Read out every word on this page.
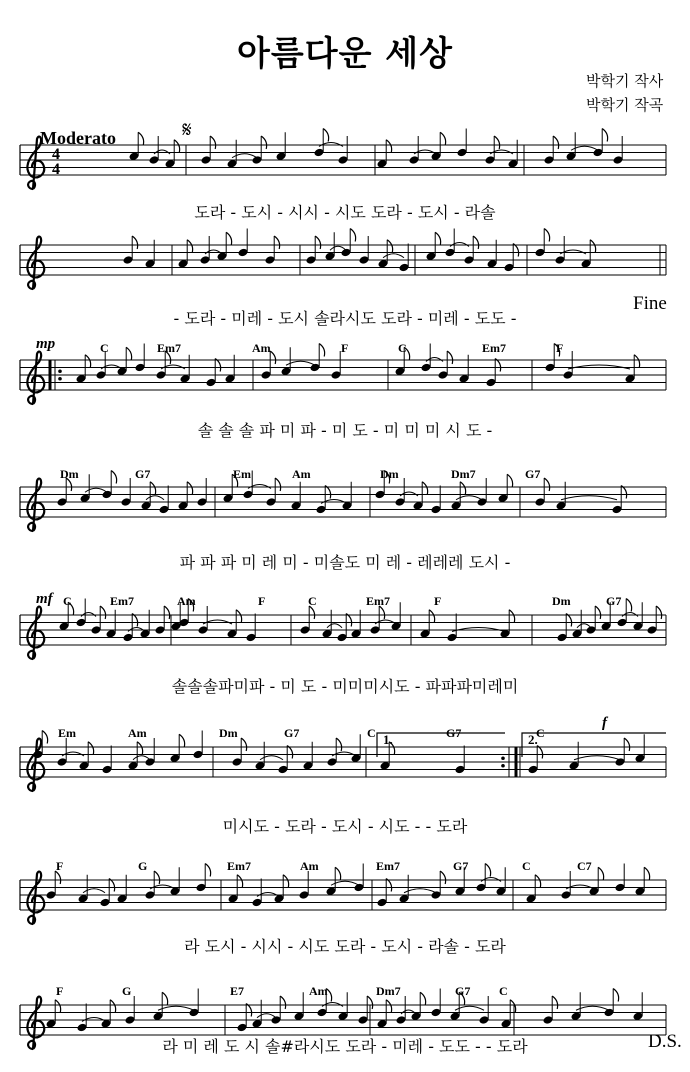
아름다운 세상
박학기 작사
박학기 작곡
Moderato
Fine
D.S.
4
4
𝄋
도라 - 도시 - 시시 - 시도 도라 - 도시 - 라솔
- 도라 - 미레 - 도시 솔라시도 도라 - 미레 - 도도 -
C	Em7	Am	F	C	Em7	F
mp
솔 솔 솔 파 미 파 - 미 도 - 미 미 미 시 도 -
Dm	G7	Em	Am	Dm	Dm7	G7
파 파 파 미 레 미 - 미솔도 미 레 - 레레레 도시 -
C	Em7	Am	F	C	Em7	F	Dm	G7
mf
솔솔솔파미파 - 미 도 - 미미미시도 - 파파파미레미
1.	2.
Em	Am	Dm	G7	C	G7	C
f
미시도 - 도라 - 도시 - 시도 - - 도라
F	G	Em7	Am	Em7	G7	C	C7
라 도시 - 시시 - 시도 도라 - 도시 - 라솔 - 도라
F	G	E7	Am	Dm7	G7 C
라 미 레 도 시 솔#라시도 도라 - 미레 - 도도 - - 도라
